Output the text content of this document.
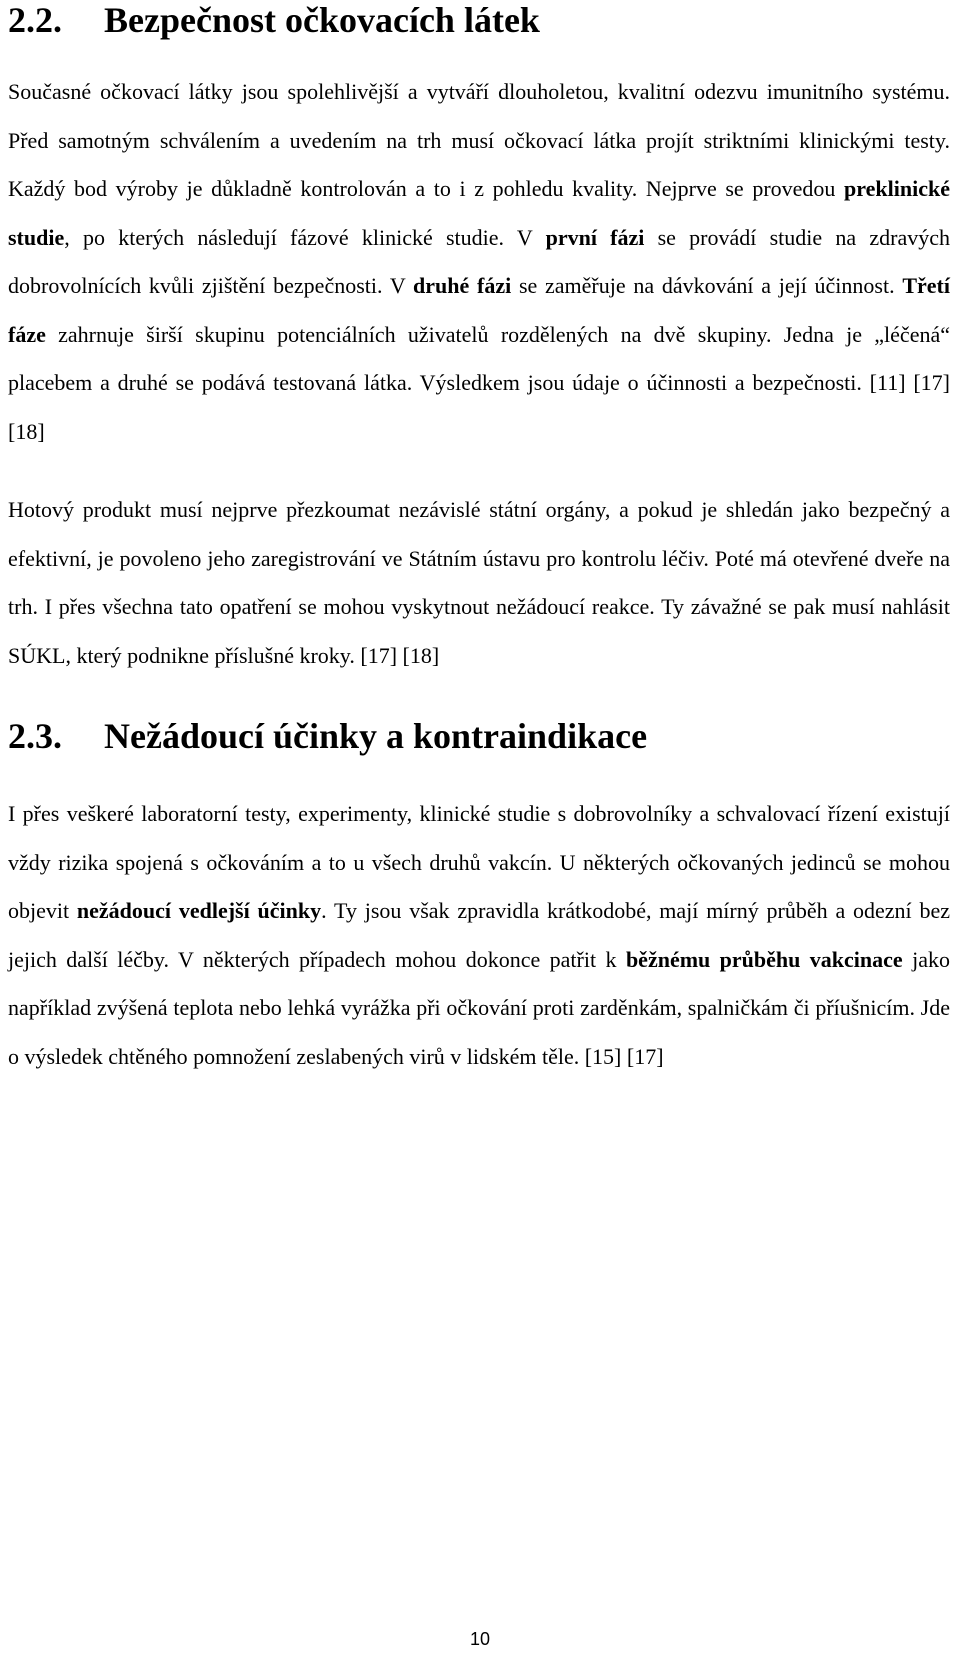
2.2. Bezpečnost očkovacích látek

Současné očkovací látky jsou spolehlivější a vytváří dlouholetou, kvalitní odezvu imunitního systému. Před samotným schválením a uvedením na trh musí očkovací látka projít striktními klinickými testy. Každý bod výroby je důkladně kontrolován a to i z pohledu kvality. Nejprve se provedou preklinické studie, po kterých následují fázové klinické studie. V první fázi se provádí studie na zdravých dobrovolnících kvůli zjištění bezpečnosti. V druhé fázi se zaměřuje na dávkování a její účinnost. Třetí fáze zahrnuje širší skupinu potenciálních uživatelů rozdělených na dvě skupiny. Jedna je „léčená“ placebem a druhé se podává testovaná látka. Výsledkem jsou údaje o účinnosti a bezpečnosti. [11] [17] [18]

Hotový produkt musí nejprve přezkoumat nezávislé státní orgány, a pokud je shledán jako bezpečný a efektivní, je povoleno jeho zaregistrování ve Státním ústavu pro kontrolu léčiv. Poté má otevřené dveře na trh. I přes všechna tato opatření se mohou vyskytnout nežádoucí reakce. Ty závažné se pak musí nahlásit SÚKL, který podnikne příslušné kroky. [17] [18]

2.3. Nežádoucí účinky a kontraindikace

I přes veškeré laboratorní testy, experimenty, klinické studie s dobrovolníky a schvalovací řízení existují vždy rizika spojená s očkováním a to u všech druhů vakcín. U některých očkovaných jedinců se mohou objevit nežádoucí vedlejší účinky. Ty jsou však zpravidla krátkodobé, mají mírný průběh a odezní bez jejich další léčby. V některých případech mohou dokonce patřit k běžnému průběhu vakcinace jako například zvýšená teplota nebo lehká vyrážka při očkování proti zarděnkám, spalničkám či příušnicím. Jde o výsledek chtěného pomnožení zeslabených virů v lidském těle. [15] [17]

10
